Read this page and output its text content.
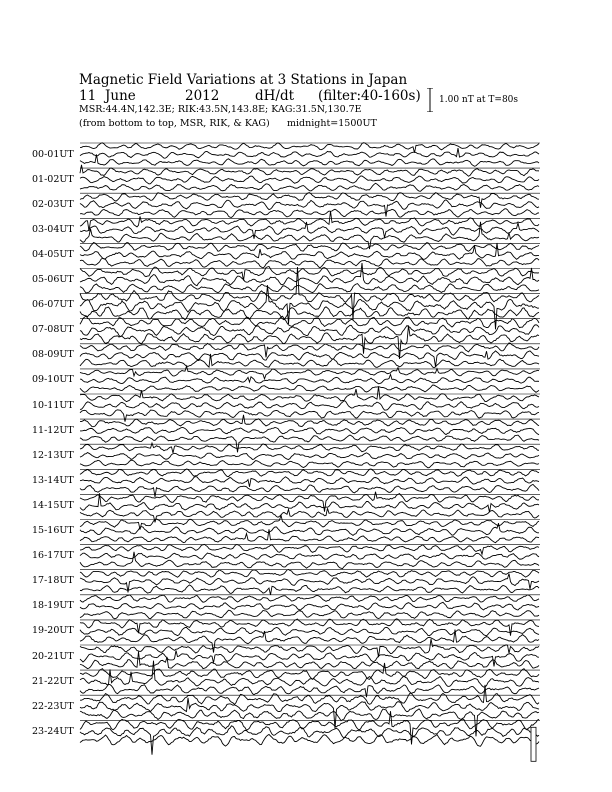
Magnetic Field Variations at 3 Stations in Japan
11 June	2012	dH/dt (filter:40-160s)
MSR:44.4N,142.3E; RIK:43.5N,143.8E; KAG:31.5N,130.7E
(from bottom to top, MSR, RIK, & KAG) midnight=1500UT
1.00 nT at T=80s
00-01UT
01-02UT
02-03UT
03-04UT
04-05UT
05-06UT
06-07UT
07-08UT
08-09UT
09-10UT
10-11UT
11-12UT
12-13UT
13-14UT
14-15UT
15-16UT
16-17UT
17-18UT
18-19UT
19-20UT
20-21UT
21-22UT
22-23UT
23-24UT
